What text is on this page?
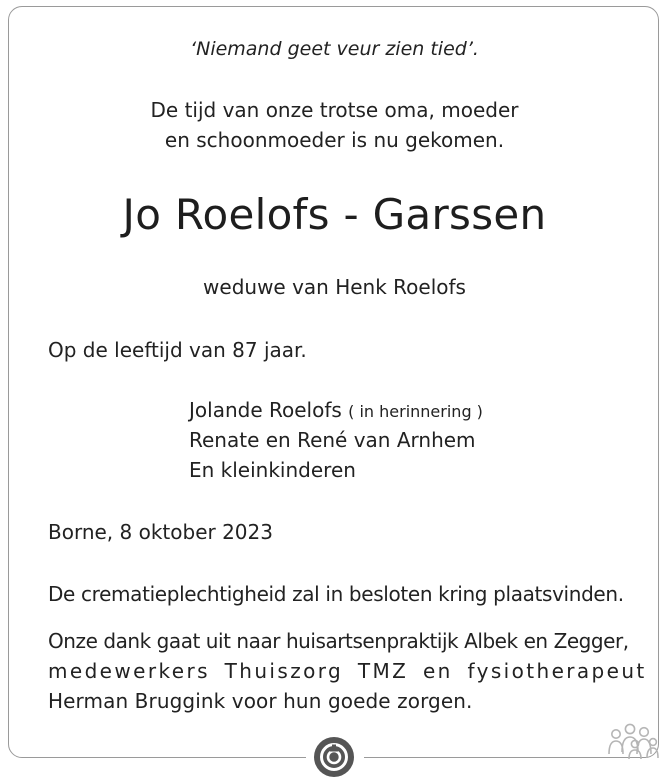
‘Niemand geet veur zien tied’.

De tijd van onze trotse oma, moeder

en schoonmoeder is nu gekomen.

Jo Roelofs - Garssen

weduwe van Henk Roelofs

Op de leeftijd van 87 jaar.

Jolande Roelofs ( in herinnering )

Renate en René van Arnhem

En kleinkinderen

Borne, 8 oktober 2023

De crematieplechtigheid zal in besloten kring plaatsvinden.

Onze dank gaat uit naar huisartsenpraktijk Albek en Zegger,
medewerkers Thuiszorg TMZ en fysiotherapeut
Herman Bruggink voor hun goede zorgen.
